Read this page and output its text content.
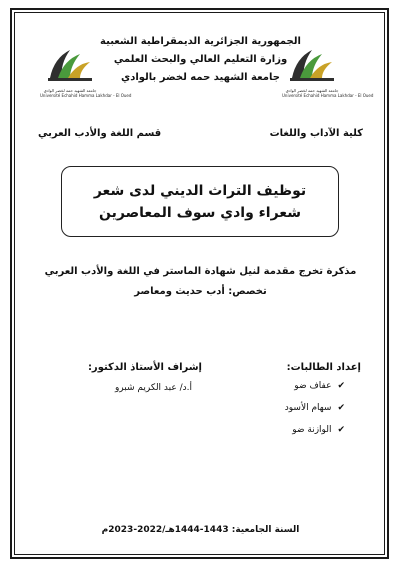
الجمهورية الجزائرية الديمقراطية الشعبية
وزارة التعليم العالي والبحث العلمي
جامعة الشهيد حمه لخضر بالوادي
جامعة الشهيد حمه لخضر الوادي
Université Echahid Hamma Lakhdar - El Oued
جامعة الشهيد حمه لخضر الوادي
Université Echahid Hamma Lakhdar - El Oued
كلية الآداب واللغات
قسم اللغة والأدب العربي
توظيف التراث الديني لدى شعر شعراء وادي سوف المعاصرين
مذكرة تخرج مقدمة لنيل شهادة الماستر في اللغة والأدب العربي
تخصص: أدب حديث ومعاصر
إعداد الطالبات:
✔
عفاف ضو
✔
سهام الأسود
✔
الوازنة ضو
إشراف الأستاذ الدكتور:
أ.د/ عبد الكريم شبرو
السنة الجامعية: 1443-1444هـ/2022-2023م
